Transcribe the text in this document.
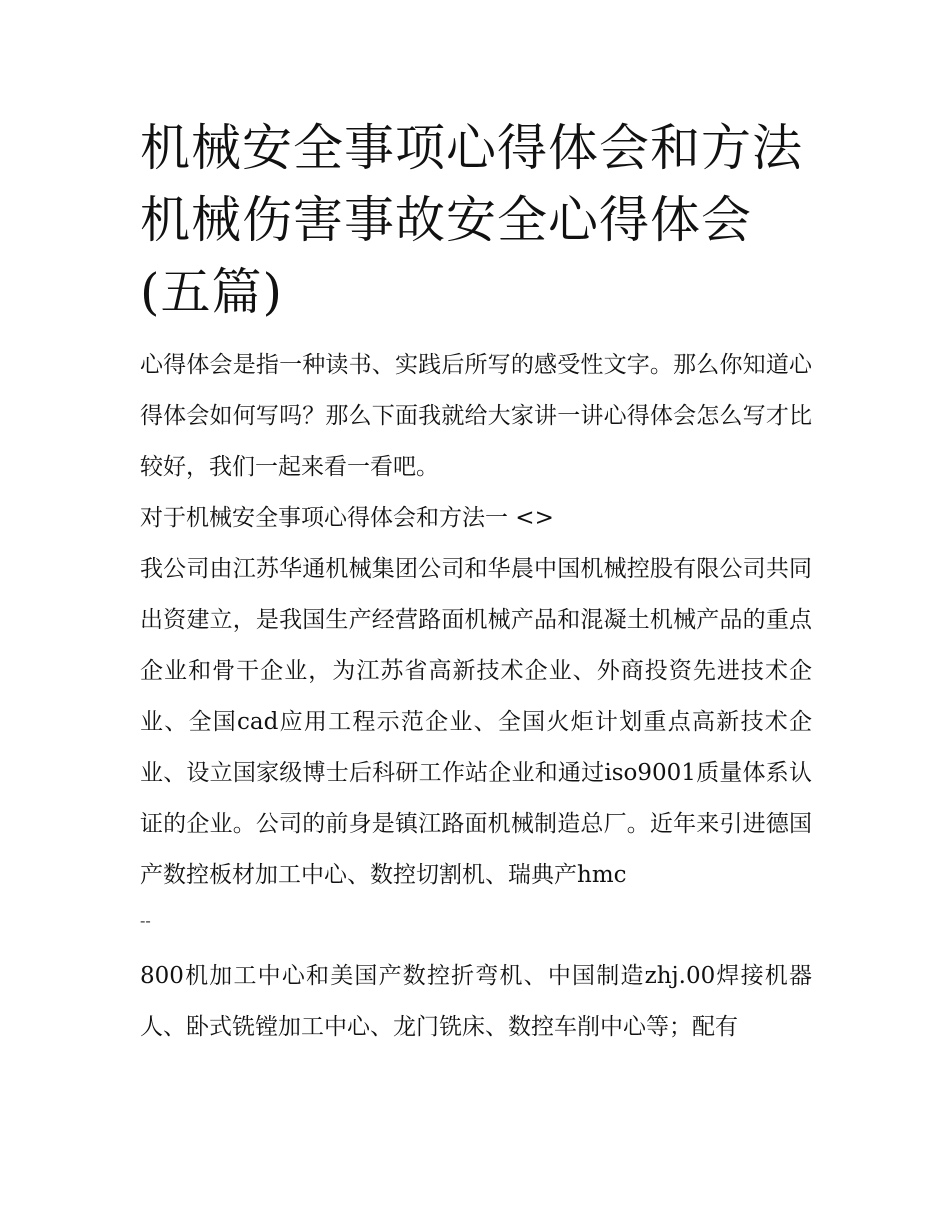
机械安全事项心得体会和方法 机械伤害事故安全心得体会(五篇)

心得体会是指一种读书、实践后所写的感受性文字。那么你知道心得体会如何写吗？那么下面我就给大家讲一讲心得体会怎么写才比较好，我们一起来看一看吧。

对于机械安全事项心得体会和方法一 <>

我公司由江苏华通机械集团公司和华晨中国机械控股有限公司共同出资建立，是我国生产经营路面机械产品和混凝土机械产品的重点企业和骨干企业，为江苏省高新技术企业、外商投资先进技术企业、全国cad应用工程示范企业、全国火炬计划重点高新技术企业、设立国家级博士后科研工作站企业和通过iso9001质量体系认证的企业。公司的前身是镇江路面机械制造总厂。近年来引进德国产数控板材加工中心、数控切割机、瑞典产hmc

--

800机加工中心和美国产数控折弯机、中国制造zhj.00焊接机器人、卧式铣镗加工中心、龙门铣床、数控车削中心等；配有
